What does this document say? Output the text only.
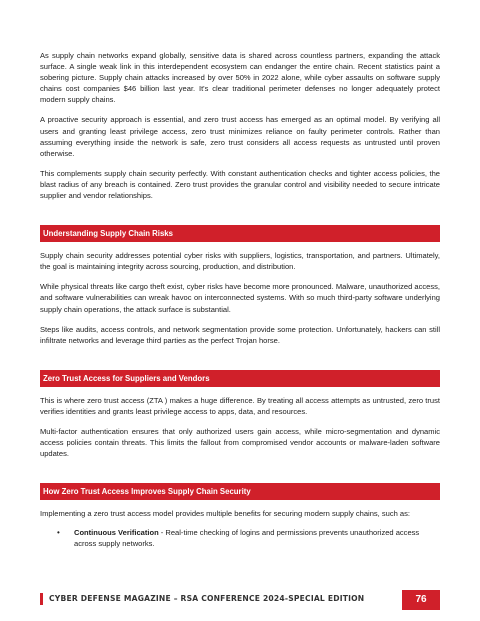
As supply chain networks expand globally, sensitive data is shared across countless partners, expanding the attack surface. A single weak link in this interdependent ecosystem can endanger the entire chain. Recent statistics paint a sobering picture. Supply chain attacks increased by over 50% in 2022 alone, while cyber assaults on software supply chains cost companies $46 billion last year. It's clear traditional perimeter defenses no longer adequately protect modern supply chains.

A proactive security approach is essential, and zero trust access has emerged as an optimal model. By verifying all users and granting least privilege access, zero trust minimizes reliance on faulty perimeter controls. Rather than assuming everything inside the network is safe, zero trust considers all access requests as untrusted until proven otherwise.

This complements supply chain security perfectly. With constant authentication checks and tighter access policies, the blast radius of any breach is contained. Zero trust provides the granular control and visibility needed to secure intricate supplier and vendor relationships.

Understanding Supply Chain Risks

Supply chain security addresses potential cyber risks with suppliers, logistics, transportation, and partners. Ultimately, the goal is maintaining integrity across sourcing, production, and distribution.

While physical threats like cargo theft exist, cyber risks have become more pronounced. Malware, unauthorized access, and software vulnerabilities can wreak havoc on interconnected systems. With so much third-party software underlying supply chain operations, the attack surface is substantial.

Steps like audits, access controls, and network segmentation provide some protection. Unfortunately, hackers can still infiltrate networks and leverage third parties as the perfect Trojan horse.

Zero Trust Access for Suppliers and Vendors

This is where zero trust access (ZTA ) makes a huge difference. By treating all access attempts as untrusted, zero trust verifies identities and grants least privilege access to apps, data, and resources.

Multi-factor authentication ensures that only authorized users gain access, while micro-segmentation and dynamic access policies contain threats. This limits the fallout from compromised vendor accounts or malware-laden software updates.

How Zero Trust Access Improves Supply Chain Security

Implementing a zero trust access model provides multiple benefits for securing modern supply chains, such as:

• Continuous Verification - Real-time checking of logins and permissions prevents unauthorized access across supply networks.
CYBER DEFENSE MAGAZINE – RSA CONFERENCE 2024-SPECIAL EDITION	76
